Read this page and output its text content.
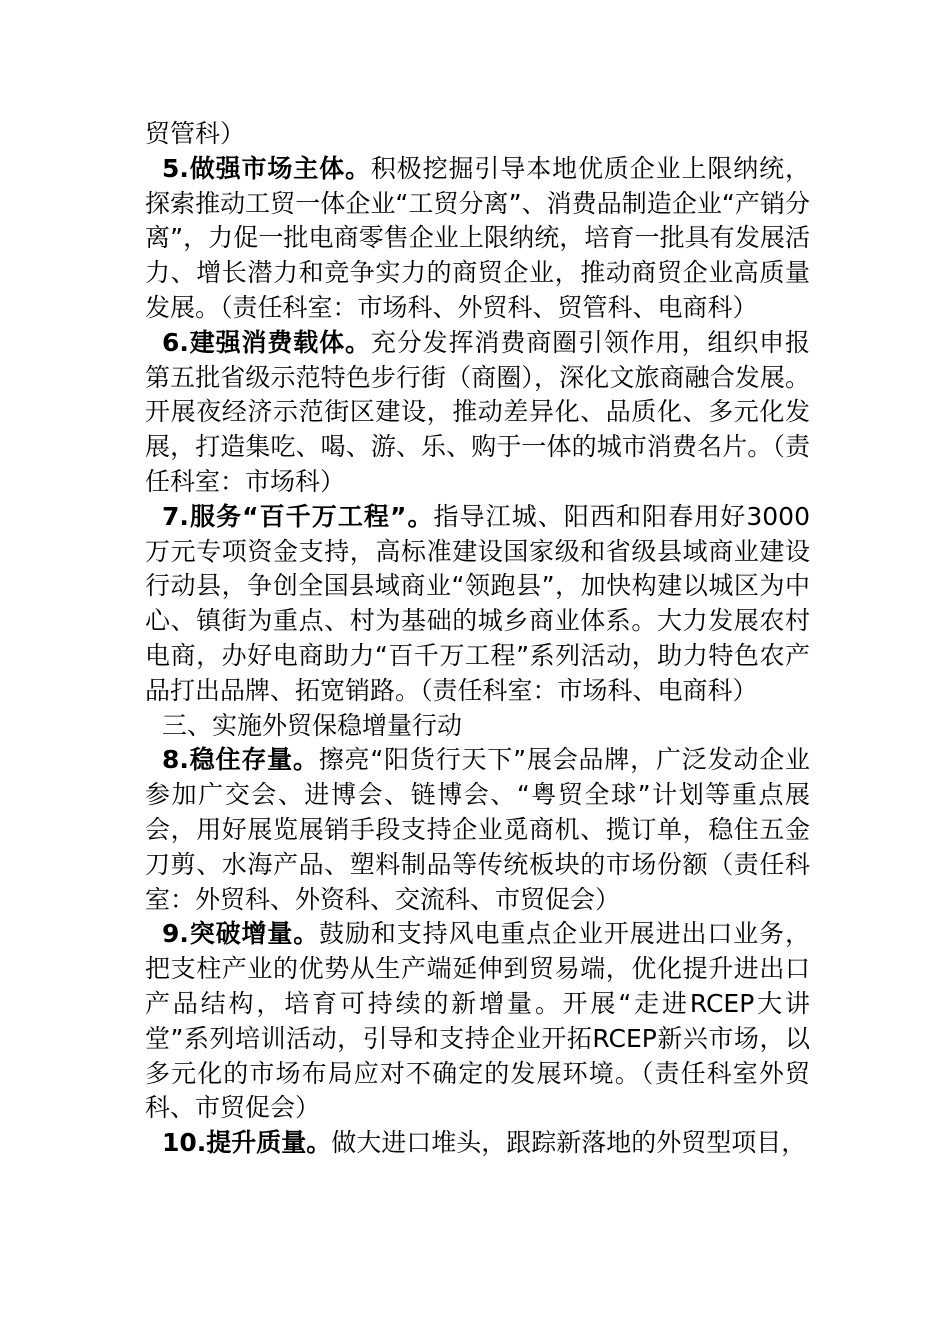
贸管科）

5.做强市场主体。积极挖掘引导本地优质企业上限纳统，探索推动工贸一体企业“工贸分离”、消费品制造企业“产销分离”，力促一批电商零售企业上限纳统，培育一批具有发展活力、增长潜力和竞争实力的商贸企业，推动商贸企业高质量发展。（责任科室：市场科、外贸科、贸管科、电商科）

6.建强消费载体。充分发挥消费商圈引领作用，组织申报第五批省级示范特色步行街（商圈），深化文旅商融合发展。开展夜经济示范街区建设，推动差异化、品质化、多元化发展，打造集吃、喝、游、乐、购于一体的城市消费名片。（责任科室：市场科）

7.服务“百千万工程”。指导江城、阳西和阳春用好3000万元专项资金支持，高标准建设国家级和省级县域商业建设行动县，争创全国县域商业“领跑县”，加快构建以城区为中心、镇街为重点、村为基础的城乡商业体系。大力发展农村电商，办好电商助力“百千万工程”系列活动，助力特色农产品打出品牌、拓宽销路。（责任科室：市场科、电商科）

三、实施外贸保稳增量行动

8.稳住存量。擦亮“阳货行天下”展会品牌，广泛发动企业参加广交会、进博会、链博会、“粤贸全球”计划等重点展会，用好展览展销手段支持企业觅商机、揽订单，稳住五金刀剪、水海产品、塑料制品等传统板块的市场份额（责任科室：外贸科、外资科、交流科、市贸促会）

9.突破增量。鼓励和支持风电重点企业开展进出口业务，把支柱产业的优势从生产端延伸到贸易端，优化提升进出口产品结构，培育可持续的新增量。开展“走进RCEP大讲堂”系列培训活动，引导和支持企业开拓RCEP新兴市场，以多元化的市场布局应对不确定的发展环境。（责任科室外贸科、市贸促会）

10.提升质量。做大进口堆头，跟踪新落地的外贸型项目，
